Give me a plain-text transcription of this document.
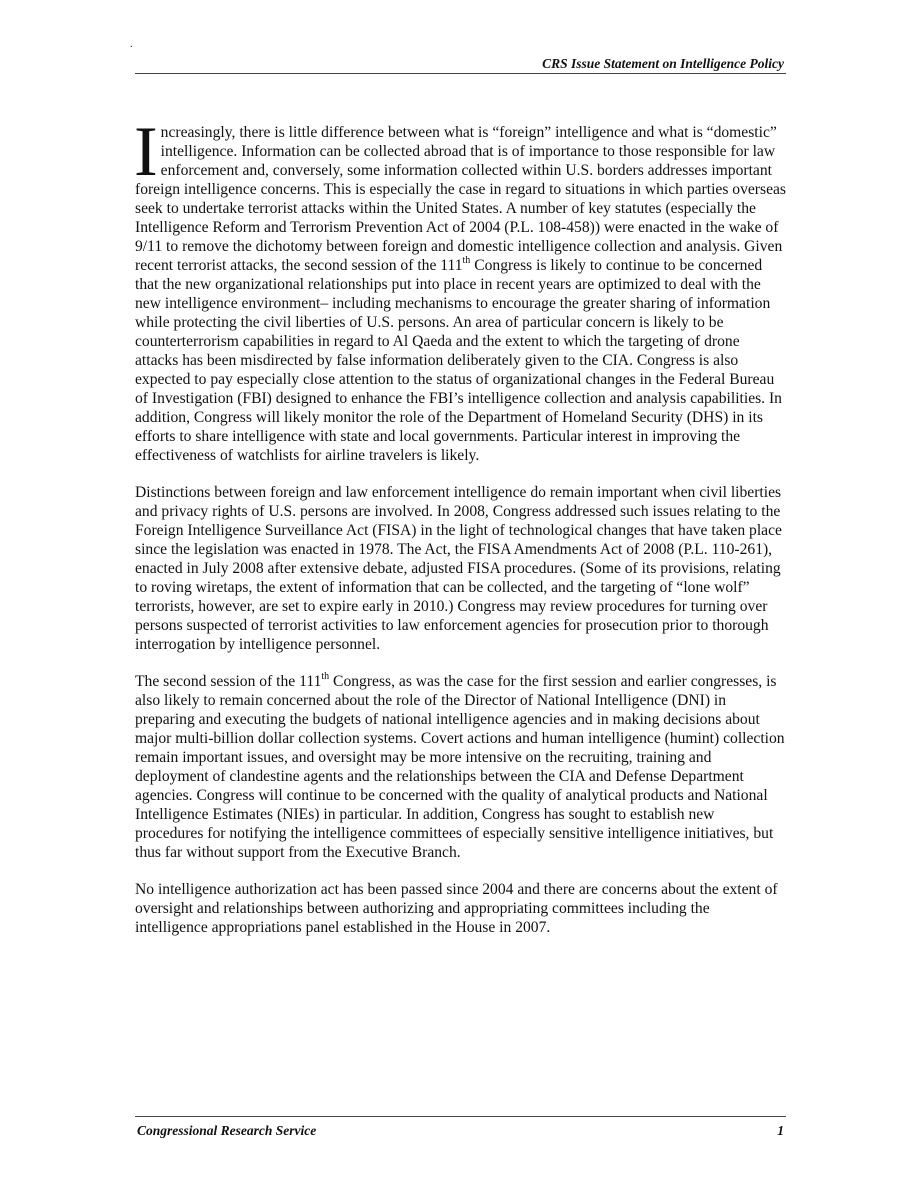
.
CRS Issue Statement on Intelligence Policy

Increasingly, there is little difference between what is “foreign” intelligence and what is “domestic” intelligence. Information can be collected abroad that is of importance to those responsible for law enforcement and, conversely, some information collected within U.S. borders addresses important foreign intelligence concerns. This is especially the case in regard to situations in which parties overseas seek to undertake terrorist attacks within the United States. A number of key statutes (especially the Intelligence Reform and Terrorism Prevention Act of 2004 (P.L. 108-458)) were enacted in the wake of 9/11 to remove the dichotomy between foreign and domestic intelligence collection and analysis. Given recent terrorist attacks, the second session of the 111th Congress is likely to continue to be concerned that the new organizational relationships put into place in recent years are optimized to deal with the new intelligence environment– including mechanisms to encourage the greater sharing of information while protecting the civil liberties of U.S. persons. An area of particular concern is likely to be counterterrorism capabilities in regard to Al Qaeda and the extent to which the targeting of drone attacks has been misdirected by false information deliberately given to the CIA. Congress is also expected to pay especially close attention to the status of organizational changes in the Federal Bureau of Investigation (FBI) designed to enhance the FBI’s intelligence collection and analysis capabilities. In addition, Congress will likely monitor the role of the Department of Homeland Security (DHS) in its efforts to share intelligence with state and local governments. Particular interest in improving the effectiveness of watchlists for airline travelers is likely.

Distinctions between foreign and law enforcement intelligence do remain important when civil liberties and privacy rights of U.S. persons are involved. In 2008, Congress addressed such issues relating to the Foreign Intelligence Surveillance Act (FISA) in the light of technological changes that have taken place since the legislation was enacted in 1978. The Act, the FISA Amendments Act of 2008 (P.L. 110-261), enacted in July 2008 after extensive debate, adjusted FISA procedures. (Some of its provisions, relating to roving wiretaps, the extent of information that can be collected, and the targeting of “lone wolf” terrorists, however, are set to expire early in 2010.) Congress may review procedures for turning over persons suspected of terrorist activities to law enforcement agencies for prosecution prior to thorough interrogation by intelligence personnel.

The second session of the 111th Congress, as was the case for the first session and earlier congresses, is also likely to remain concerned about the role of the Director of National Intelligence (DNI) in preparing and executing the budgets of national intelligence agencies and in making decisions about major multi-billion dollar collection systems. Covert actions and human intelligence (humint) collection remain important issues, and oversight may be more intensive on the recruiting, training and deployment of clandestine agents and the relationships between the CIA and Defense Department agencies. Congress will continue to be concerned with the quality of analytical products and National Intelligence Estimates (NIEs) in particular. In addition, Congress has sought to establish new procedures for notifying the intelligence committees of especially sensitive intelligence initiatives, but thus far without support from the Executive Branch.

No intelligence authorization act has been passed since 2004 and there are concerns about the extent of oversight and relationships between authorizing and appropriating committees including the intelligence appropriations panel established in the House in 2007.

Congressional Research Service	1
